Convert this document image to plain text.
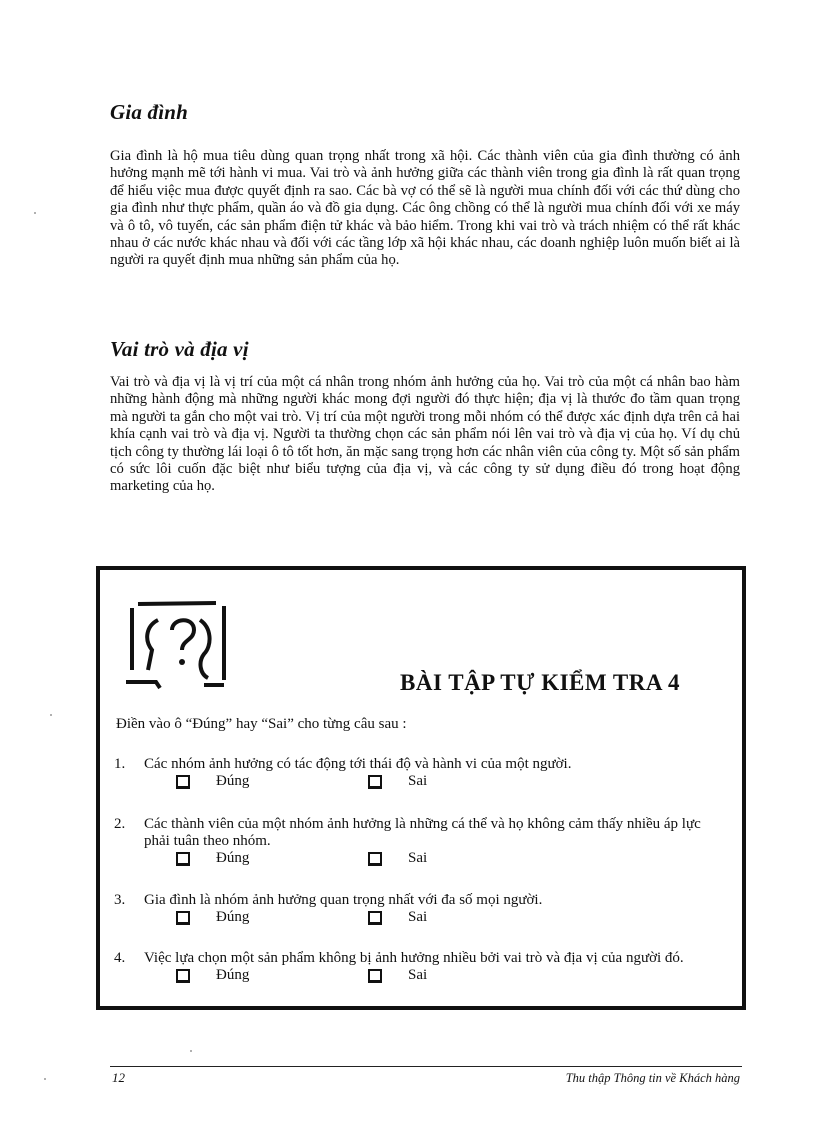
Gia đình

Gia đình là hộ mua tiêu dùng quan trọng nhất trong xã hội. Các thành viên của gia đình thường có ảnh hưởng mạnh mẽ tới hành vi mua. Vai trò và ảnh hưởng giữa các thành viên trong gia đình là rất quan trọng để hiểu việc mua được quyết định ra sao. Các bà vợ có thể sẽ là người mua chính đối với các thứ dùng cho gia đình như thực phẩm, quần áo và đồ gia dụng. Các ông chồng có thể là người mua chính đối với xe máy và ô tô, vô tuyến, các sản phẩm điện tử khác và bảo hiểm. Trong khi vai trò và trách nhiệm có thể rất khác nhau ở các nước khác nhau và đối với các tầng lớp xã hội khác nhau, các doanh nghiệp luôn muốn biết ai là người ra quyết định mua những sản phẩm của họ.

Vai trò và địa vị

Vai trò và địa vị là vị trí của một cá nhân trong nhóm ảnh hưởng của họ. Vai trò của một cá nhân bao hàm những hành động mà những người khác mong đợi người đó thực hiện; địa vị là thước đo tầm quan trọng mà người ta gắn cho một vai trò. Vị trí của một người trong mỗi nhóm có thể được xác định dựa trên cả hai khía cạnh vai trò và địa vị. Người ta thường chọn các sản phẩm nói lên vai trò và địa vị của họ. Ví dụ chủ tịch công ty thường lái loại ô tô tốt hơn, ăn mặc sang trọng hơn các nhân viên của công ty. Một số sản phẩm có sức lôi cuốn đặc biệt như biểu tượng của địa vị, và các công ty sử dụng điều đó trong hoạt động marketing của họ.

BÀI TẬP TỰ KIỂM TRA 4
Điền vào ô “Đúng” hay “Sai” cho từng câu sau :
1.	Các nhóm ảnh hưởng có tác động tới thái độ và hành vi của một người.
Đúng	Sai
2.	Các thành viên của một nhóm ảnh hưởng là những cá thể và họ không cảm thấy nhiều áp lực phải tuân theo nhóm.
Đúng	Sai
3.	Gia đình là nhóm ảnh hưởng quan trọng nhất với đa số mọi người.
Đúng	Sai
4.	Việc lựa chọn một sản phẩm không bị ảnh hưởng nhiều bởi vai trò và địa vị của người đó.
Đúng	Sai
12	Thu thập Thông tin về Khách hàng
